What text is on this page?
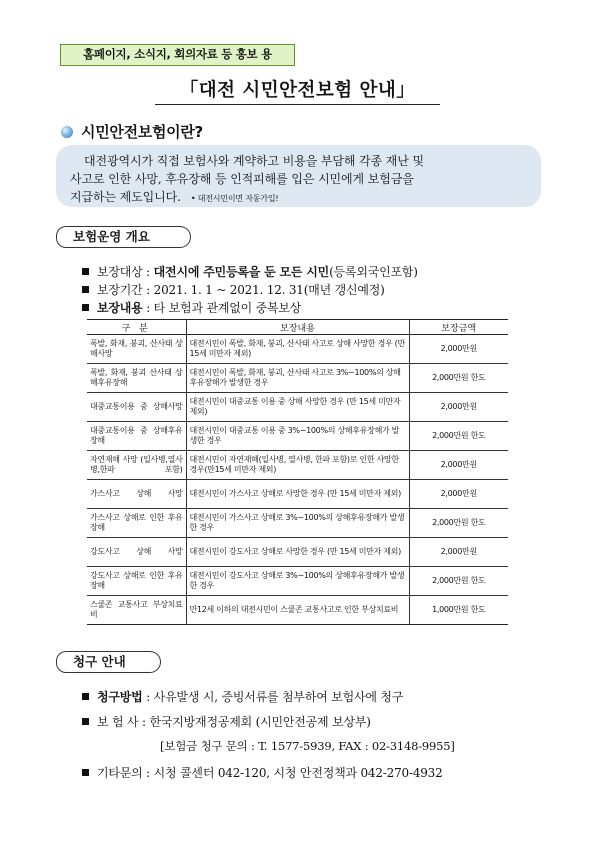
홈페이지, 소식지, 회의자료 등 홍보 용
「대전 시민안전보험 안내」
시민안전보험이란?
대전광역시가 직접 보험사와 계약하고 비용을 부담해 각종 재난 및
사고로 인한 사망, 후유장해 등 인적피해를 입은 시민에게 보험금을
지급하는 제도입니다. • 대전시민이면 자동가입!
보험운영 개요
보장대상 : 대전시에 주민등록을 둔 모든 시민(등록외국인포함)
보장기간 : 2021. 1. 1 ~ 2021. 12. 31(매년 갱신예정)
보장내용 : 타 보험과 관계없이 중복보상
구 분	보장내용	보장금액
폭발, 화재, 붕괴, 산사태 상해사망	대전시민이 폭발, 화재, 붕괴, 산사태 사고로 상해 사망한 경우 (만 15세 미만자 제외)	2,000만원
폭발, 화재, 붕괴 산사태 상해후유장해	대전시민이 폭발, 화재, 붕괴, 산사태 사고로 3%~100%의 상해후유장해가 발생한 경우	2,000만원 한도
대중교통이용 중 상해사망	대전시민이 대중교통 이용 중 상해 사망한 경우 (만 15세 미만자 제외)	2,000만원
대중교통이용 중 상해후유장해	대전시민이 대중교통 이용 중 3%~100%의 상해후유장해가 발생한 경우	2,000만원 한도
자연재해 사망 (일사병,열사병,한파 포함)	대전시민이 자연재해(일사병, 열사병, 한파 포함)로 인한 사망한 경우(만15세 미만자 제외)	2,000만원
가스사고 상해 사망	대전시민이 가스사고 상해로 사망한 경우 (만 15세 미만자 제외)	2,000만원
가스사고 상해로 인한 후유장해	대전시민이 가스사고 상해로 3%~100%의 상해후유장해가 발생한 경우	2,000만원 한도
강도사고 상해 사망	대전시민이 강도사고 상해로 사망한 경우 (만 15세 미만자 제외)	2,000만원
강도사고 상해로 인한 후유장해	대전시민이 강도사고 상해로 3%~100%의 상해후유장해가 발생한 경우	2,000만원 한도
스쿨존 교통사고 부상치료비	만12세 이하의 대전시민이 스쿨존 교통사고로 인한 부상치료비	1,000만원 한도
청구 안내
청구방법 : 사유발생 시, 증빙서류를 첨부하여 보험사에 청구
보 험 사 : 한국지방재정공제회 (시민안전공제 보상부)
[보험금 청구 문의 : T. 1577-5939, FAX : 02-3148-9955]
기타문의 : 시청 콜센터 042-120, 시청 안전정책과 042-270-4932
